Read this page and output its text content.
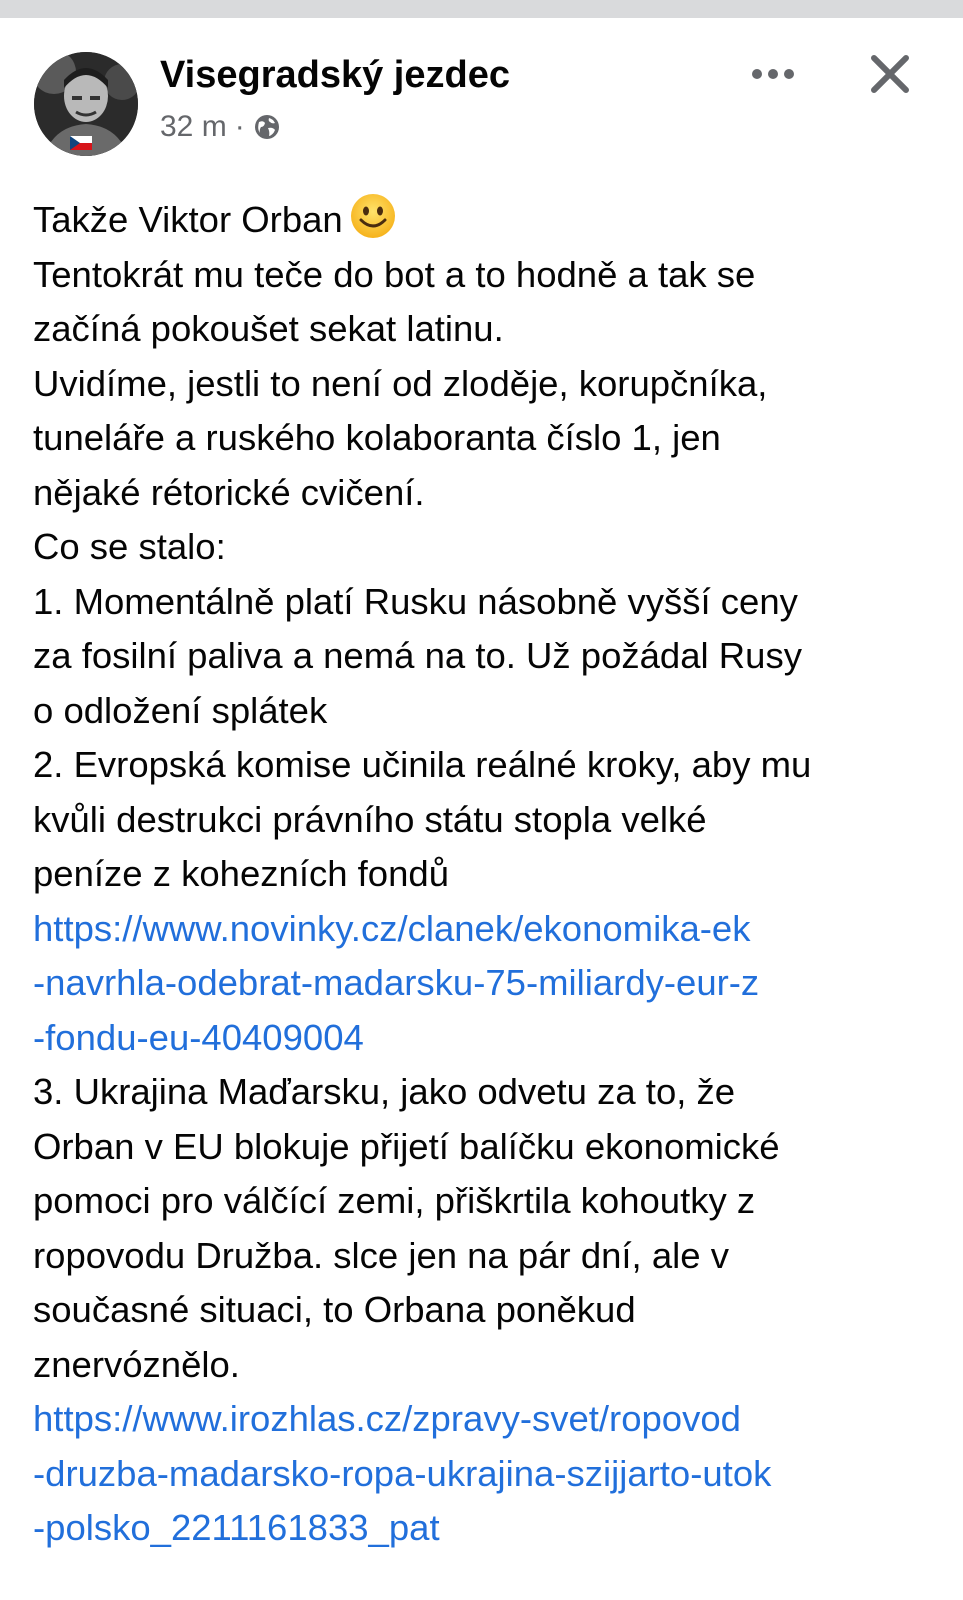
Visegradský jezdec
32 m ·

Takže Viktor Orban

Tentokrát mu teče do bot a to hodně a tak se

začíná pokoušet sekat latinu.

Uvidíme, jestli to není od zloděje, korupčníka,

tuneláře a ruského kolaboranta číslo 1, jen

nějaké rétorické cvičení.

Co se stalo:

1. Momentálně platí Rusku násobně vyšší ceny

za fosilní paliva a nemá na to. Už požádal Rusy

o odložení splátek

2. Evropská komise učinila reálné kroky, aby mu

kvůli destrukci právního státu stopla velké

peníze z kohezních fondů

https://www.novinky.cz/clanek/ekonomika-ek
-navrhla-odebrat-madarsku-75-miliardy-eur-z
-fondu-eu-40409004

3. Ukrajina Maďarsku, jako odvetu za to, že

Orban v EU blokuje přijetí balíčku ekonomické

pomoci pro válčící zemi, přiškrtila kohoutky z

ropovodu Družba. slce jen na pár dní, ale v

současné situaci, to Orbana poněkud

znervóznělo.

https://www.irozhlas.cz/zpravy-svet/ropovod
-druzba-madarsko-ropa-ukrajina-szijjarto-utok
-polsko_2211161833_pat
